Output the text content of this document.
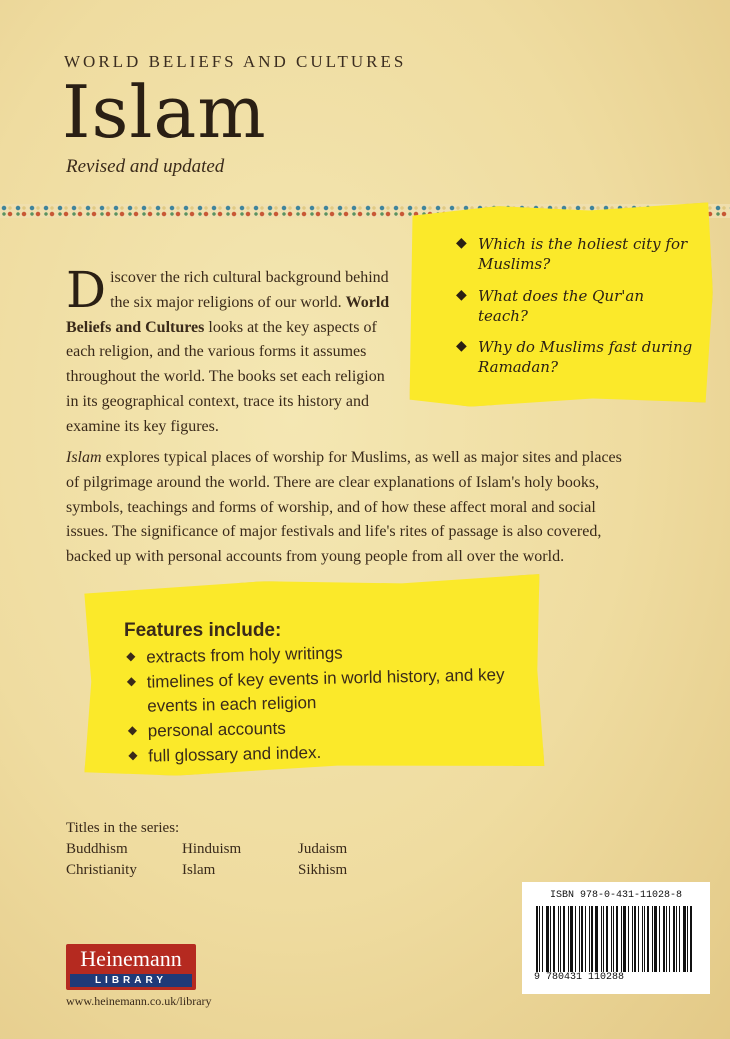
WORLD BELIEFS AND CULTURES
Islam
Revised and updated
◆ Which is the holiest city for Muslims?
◆ What does the Qur'an teach?
◆ Why do Muslims fast during Ramadan?
Discover the rich cultural background behind the six major religions of our world. World Beliefs and Cultures looks at the key aspects of each religion, and the various forms it assumes throughout the world. The books set each religion in its geographical context, trace its history and examine its key figures.
Islam explores typical places of worship for Muslims, as well as major sites and places of pilgrimage around the world. There are clear explanations of Islam's holy books, symbols, teachings and forms of worship, and of how these affect moral and social issues. The significance of major festivals and life's rites of passage is also covered, backed up with personal accounts from young people from all over the world.
Features include:
◆ extracts from holy writings
◆ timelines of key events in world history, and key events in each religion
◆ personal accounts
◆ full glossary and index.
Titles in the series:
Buddhism	Hinduism	Judaism
Christianity	Islam	Sikhism
ISBN 978-0-431-11028-8
9 780431 110288
Heinemann
LIBRARY
www.heinemann.co.uk/library
